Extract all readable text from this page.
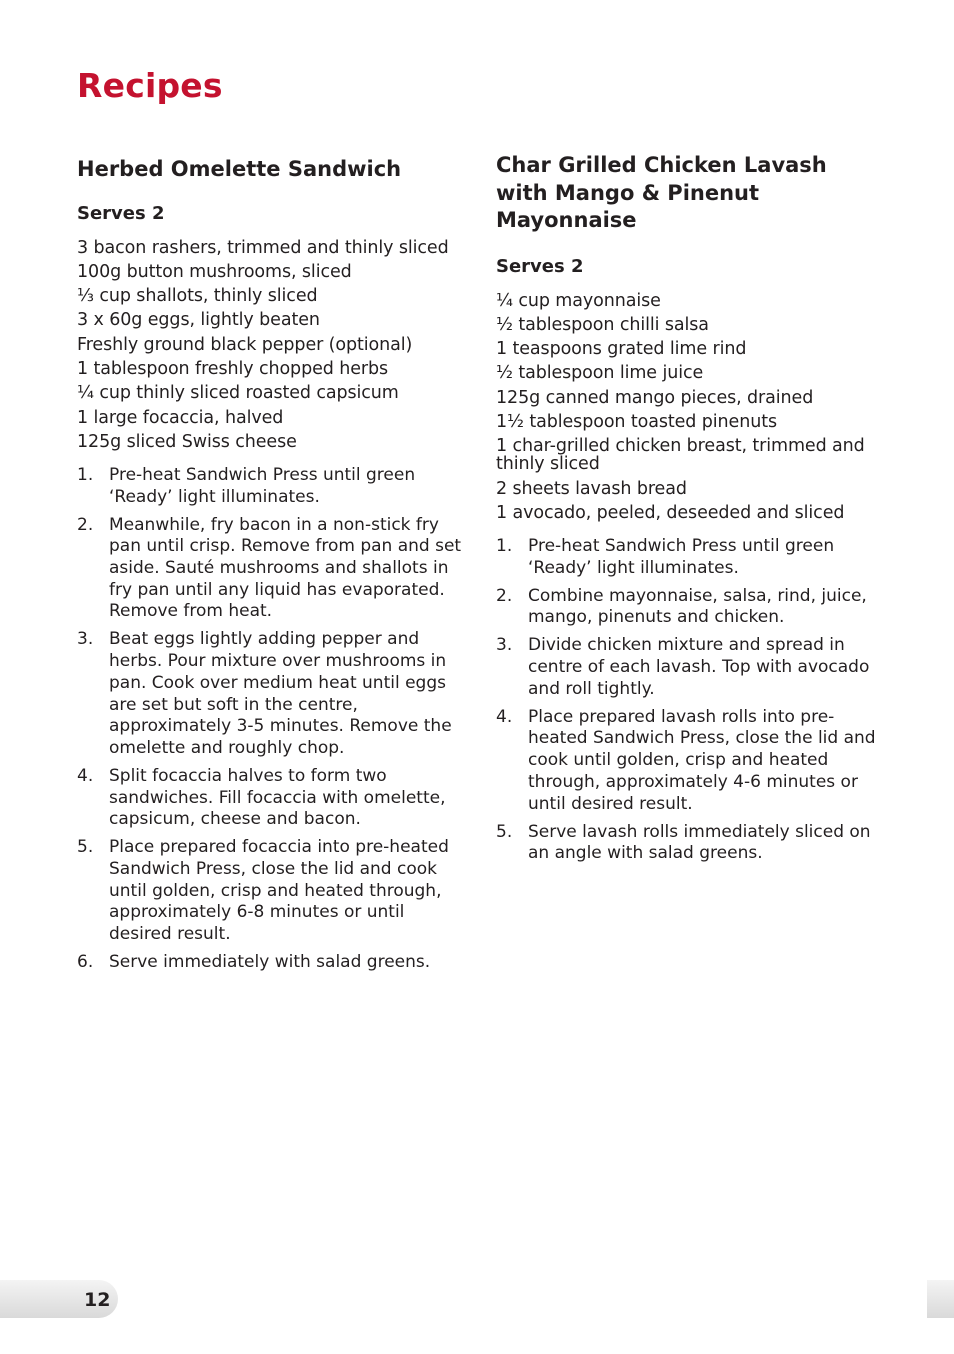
Recipes
Herbed Omelette Sandwich
Serves 2
3 bacon rashers, trimmed and thinly sliced
100g button mushrooms, sliced
⅓ cup shallots, thinly sliced
3 x 60g eggs, lightly beaten
Freshly ground black pepper (optional)
1 tablespoon freshly chopped herbs
¼ cup thinly sliced roasted capsicum
1 large focaccia, halved
125g sliced Swiss cheese
1. Pre-heat Sandwich Press until green ‘Ready’ light illuminates.
2. Meanwhile, fry bacon in a non-stick fry pan until crisp. Remove from pan and set aside. Sauté mushrooms and shallots in fry pan until any liquid has evaporated. Remove from heat.
3. Beat eggs lightly adding pepper and herbs. Pour mixture over mushrooms in pan. Cook over medium heat until eggs are set but soft in the centre, approximately 3-5 minutes. Remove the omelette and roughly chop.
4. Split focaccia halves to form two sandwiches. Fill focaccia with omelette, capsicum, cheese and bacon.
5. Place prepared focaccia into pre-heated Sandwich Press, close the lid and cook until golden, crisp and heated through, approximately 6-8 minutes or until desired result.
6. Serve immediately with salad greens.
Char Grilled Chicken Lavash
with Mango & Pinenut
Mayonnaise
Serves 2
¼ cup mayonnaise
½ tablespoon chilli salsa
1 teaspoons grated lime rind
½ tablespoon lime juice
125g canned mango pieces, drained
1½ tablespoon toasted pinenuts
1 char-grilled chicken breast, trimmed and thinly sliced
2 sheets lavash bread
1 avocado, peeled, deseeded and sliced
1. Pre-heat Sandwich Press until green ‘Ready’ light illuminates.
2. Combine mayonnaise, salsa, rind, juice, mango, pinenuts and chicken.
3. Divide chicken mixture and spread in centre of each lavash. Top with avocado and roll tightly.
4. Place prepared lavash rolls into pre-heated Sandwich Press, close the lid and cook until golden, crisp and heated through, approximately 4-6 minutes or until desired result.
5. Serve lavash rolls immediately sliced on an angle with salad greens.
12
